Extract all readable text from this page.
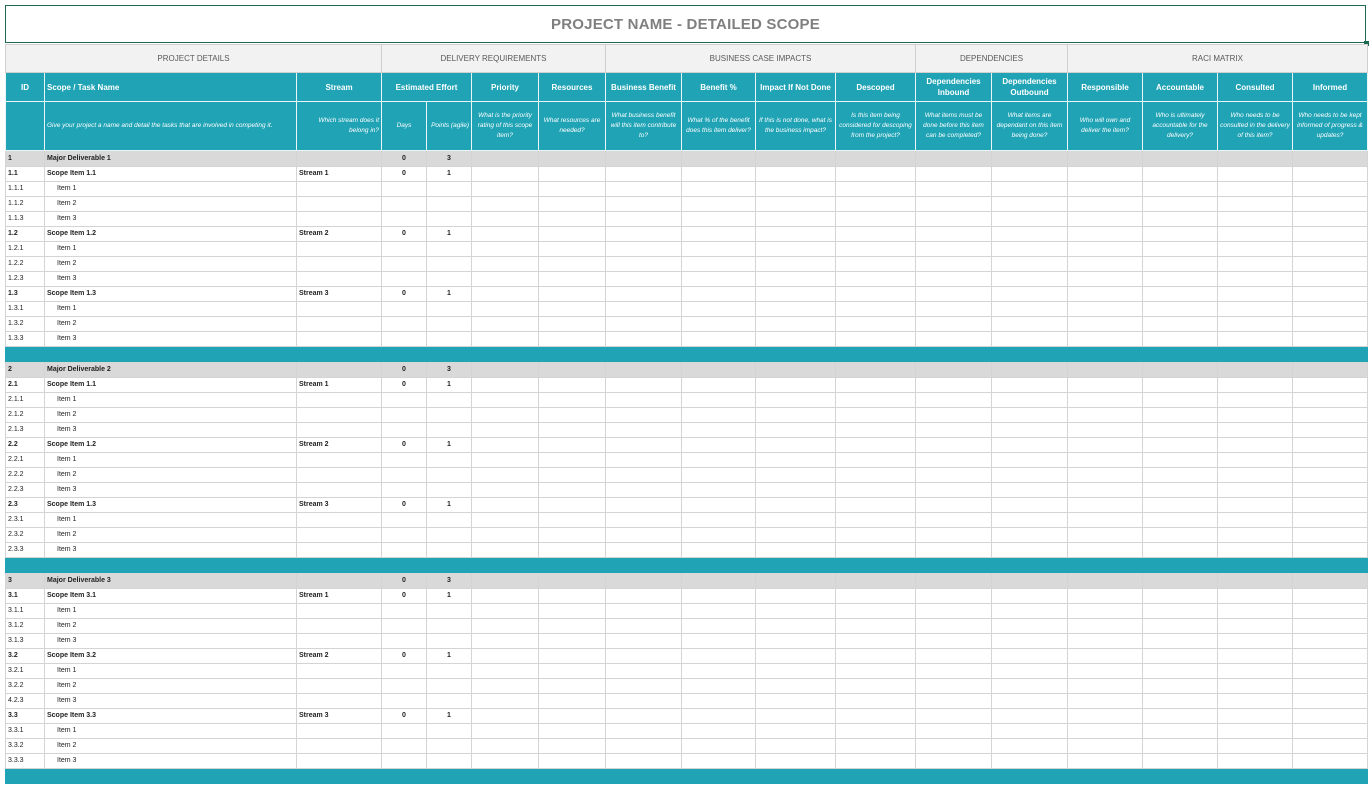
PROJECT NAME - DETAILED SCOPE
PROJECT DETAILS			DELIVERY REQUIREMENTS				BUSINESS CASE IMPACTS				DEPENDENCIES		RACI MATRIX			
ID	Scope / Task Name	Stream	Estimated Effort		Priority	Resources	Business Benefit	Benefit %	Impact If Not Done	Descoped	Dependencies Inbound	Dependencies Outbound	Responsible	Accountable	Consulted	Informed
	Give your project a name and detail the tasks that are involved in competing it.	Which stream does it belong in?	Days	Points (agile)	What is the priority rating of this scope item?	What resources are needed?	What business benefit will this item contribute to?	What % of the benefit does this item deliver?	If this is not done, what is the business impact?	Is this item being considered for descoping from the project?	What items must be done before this item can be completed?	What items are dependant on this item being done?	Who will own and deliver the item?	Who is ultimately accountable for the delivery?	Who needs to be consulted in the delivery of this item?	Who needs to be kept informed of progress & updates?
1	Major Deliverable 1		0	3												
1.1	Scope Item 1.1	Stream 1	0	1												
1.1.1	Item 1															
1.1.2	Item 2															
1.1.3	Item 3															
1.2	Scope Item 1.2	Stream 2	0	1												
1.2.1	Item 1															
1.2.2	Item 2															
1.2.3	Item 3															
1.3	Scope Item 1.3	Stream 3	0	1												
1.3.1	Item 1															
1.3.2	Item 2															
1.3.3	Item 3															

2	Major Deliverable 2		0	3												
2.1	Scope Item 1.1	Stream 1	0	1												
2.1.1	Item 1															
2.1.2	Item 2															
2.1.3	Item 3															
2.2	Scope Item 1.2	Stream 2	0	1												
2.2.1	Item 1															
2.2.2	Item 2															
2.2.3	Item 3															
2.3	Scope Item 1.3	Stream 3	0	1												
2.3.1	Item 1															
2.3.2	Item 2															
2.3.3	Item 3															

3	Major Deliverable 3		0	3												
3.1	Scope Item 3.1	Stream 1	0	1												
3.1.1	Item 1															
3.1.2	Item 2															
3.1.3	Item 3															
3.2	Scope Item 3.2	Stream 2	0	1												
3.2.1	Item 1															
3.2.2	Item 2															
4.2.3	Item 3															
3.3	Scope Item 3.3	Stream 3	0	1												
3.3.1	Item 1															
3.3.2	Item 2															
3.3.3	Item 3															
